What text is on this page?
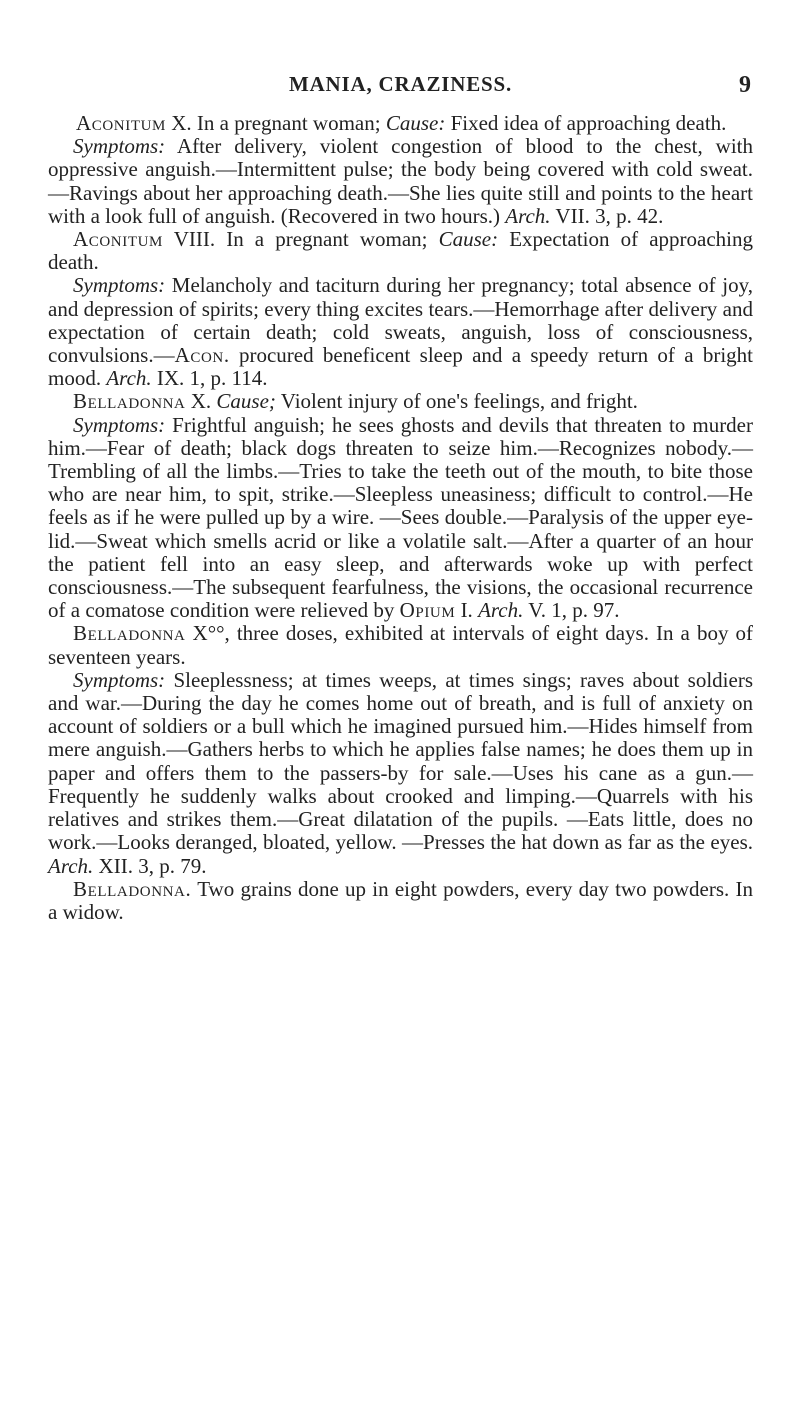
MANIA, CRAZINESS.	9

Aconitum X. In a pregnant woman; Cause: Fixed idea of approaching death.

Symptoms: After delivery, violent congestion of blood to the chest, with oppressive anguish.—Intermittent pulse; the body being covered with cold sweat.—Ravings about her approaching death.—She lies quite still and points to the heart with a look full of anguish. (Recovered in two hours.) Arch. VII. 3, p. 42.

Aconitum VIII. In a pregnant woman; Cause: Expectation of approaching death.

Symptoms: Melancholy and taciturn during her pregnancy; total absence of joy, and depression of spirits; every thing excites tears.—Hemorrhage after delivery and expectation of certain death; cold sweats, anguish, loss of consciousness, convulsions.—Acon. procured beneficent sleep and a speedy return of a bright mood. Arch. IX. 1, p. 114.

Belladonna X. Cause; Violent injury of one's feelings, and fright.

Symptoms: Frightful anguish; he sees ghosts and devils that threaten to murder him.—Fear of death; black dogs threaten to seize him.—Recognizes nobody.—Trembling of all the limbs.—Tries to take the teeth out of the mouth, to bite those who are near him, to spit, strike.—Sleepless uneasiness; difficult to control.—He feels as if he were pulled up by a wire. —Sees double.—Paralysis of the upper eye-lid.—Sweat which smells acrid or like a volatile salt.—After a quarter of an hour the patient fell into an easy sleep, and afterwards woke up with perfect consciousness.—The subsequent fearfulness, the visions, the occasional recurrence of a comatose condition were relieved by Opium I. Arch. V. 1, p. 97.

Belladonna X°°, three doses, exhibited at intervals of eight days. In a boy of seventeen years.

Symptoms: Sleeplessness; at times weeps, at times sings; raves about soldiers and war.—During the day he comes home out of breath, and is full of anxiety on account of soldiers or a bull which he imagined pursued him.—Hides himself from mere anguish.—Gathers herbs to which he applies false names; he does them up in paper and offers them to the passers-by for sale.—Uses his cane as a gun.—Frequently he suddenly walks about crooked and limping.—Quarrels with his relatives and strikes them.—Great dilatation of the pupils. —Eats little, does no work.—Looks deranged, bloated, yellow. —Presses the hat down as far as the eyes. Arch. XII. 3, p. 79.

Belladonna. Two grains done up in eight powders, every day two powders. In a widow.
